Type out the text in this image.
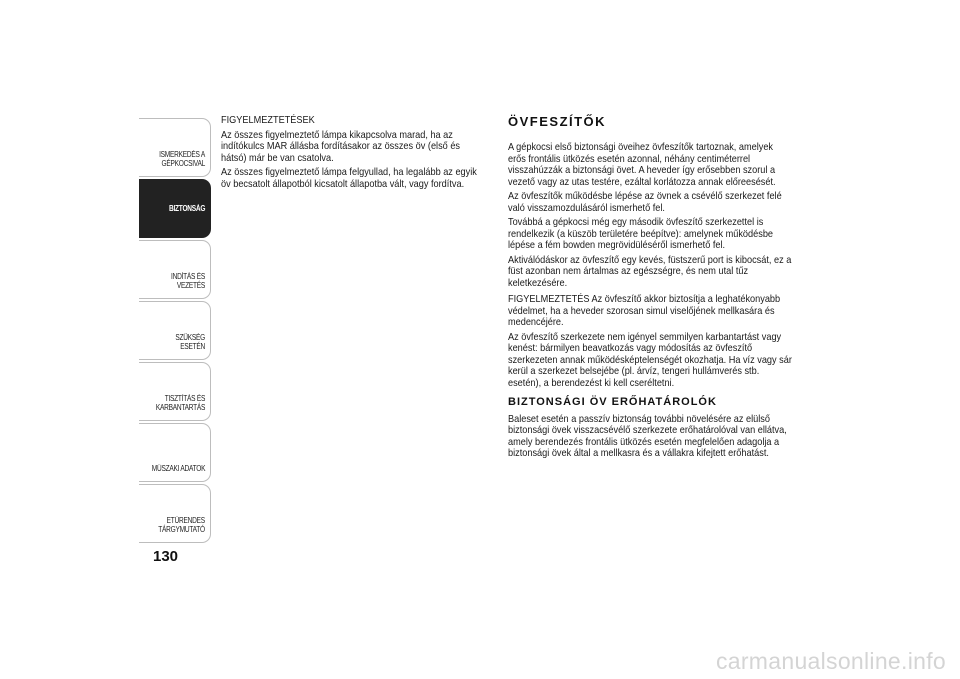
ISMERKEDÉS A
GÉPKOCSIVAL
BIZTONSÁG
INDÍTÁS ÉS VEZETÉS
SZÜKSÉG ESETÉN
TISZTÍTÁS ÉS
KARBANTARTÁS
MŰSZAKI ADATOK
ETŰRENDES
TÁRGYMUTATÓ
130

FIGYELMEZTETÉSEK

Az összes figyelmeztető lámpa kikapcsolva marad, ha az indítókulcs MAR állásba fordításakor az összes öv (első és hátsó) már be van csatolva.

Az összes figyelmeztető lámpa felgyullad, ha legalább az egyik öv becsatolt állapotból kicsatolt állapotba vált, vagy fordítva.

ÖVFESZÍTŐK

A gépkocsi első biztonsági öveihez övfeszítők tartoznak, amelyek erős frontális ütközés esetén azonnal, néhány centiméterrel visszahúzzák a biztonsági övet. A heveder így erősebben szorul a vezető vagy az utas testére, ezáltal korlátozza annak előreesését.

Az övfeszítők működésbe lépése az övnek a csévélő szerkezet felé való visszamozdulásáról ismerhető fel.

Továbbá a gépkocsi még egy második övfeszítő szerkezettel is rendelkezik (a küszöb területére beépítve): amelynek működésbe lépése a fém bowden megrövidüléséről ismerhető fel.

Aktiválódáskor az övfeszítő egy kevés, füstszerű port is kibocsát, ez a füst azonban nem ártalmas az egészségre, és nem utal tűz keletkezésére.

FIGYELMEZTETÉS Az övfeszítő akkor biztosítja a leghatékonyabb védelmet, ha a heveder szorosan simul viselőjének mellkasára és medencéjére.

Az övfeszítő szerkezete nem igényel semmilyen karbantartást vagy kenést: bármilyen beavatkozás vagy módosítás az övfeszítő szerkezeten annak működésképtelenségét okozhatja. Ha víz vagy sár kerül a szerkezet belsejébe (pl. árvíz, tengeri hullámverés stb. esetén), a berendezést ki kell cseréltetni.

BIZTONSÁGI ÖV ERŐHATÁROLÓK

Baleset esetén a passzív biztonság további növelésére az elülső biztonsági övek visszacsévélő szerkezete erőhatárolóval van ellátva, amely berendezés frontális ütközés esetén megfelelően adagolja a biztonsági övek által a mellkasra és a vállakra kifejtett erőhatást.

carmanualsonline.info
